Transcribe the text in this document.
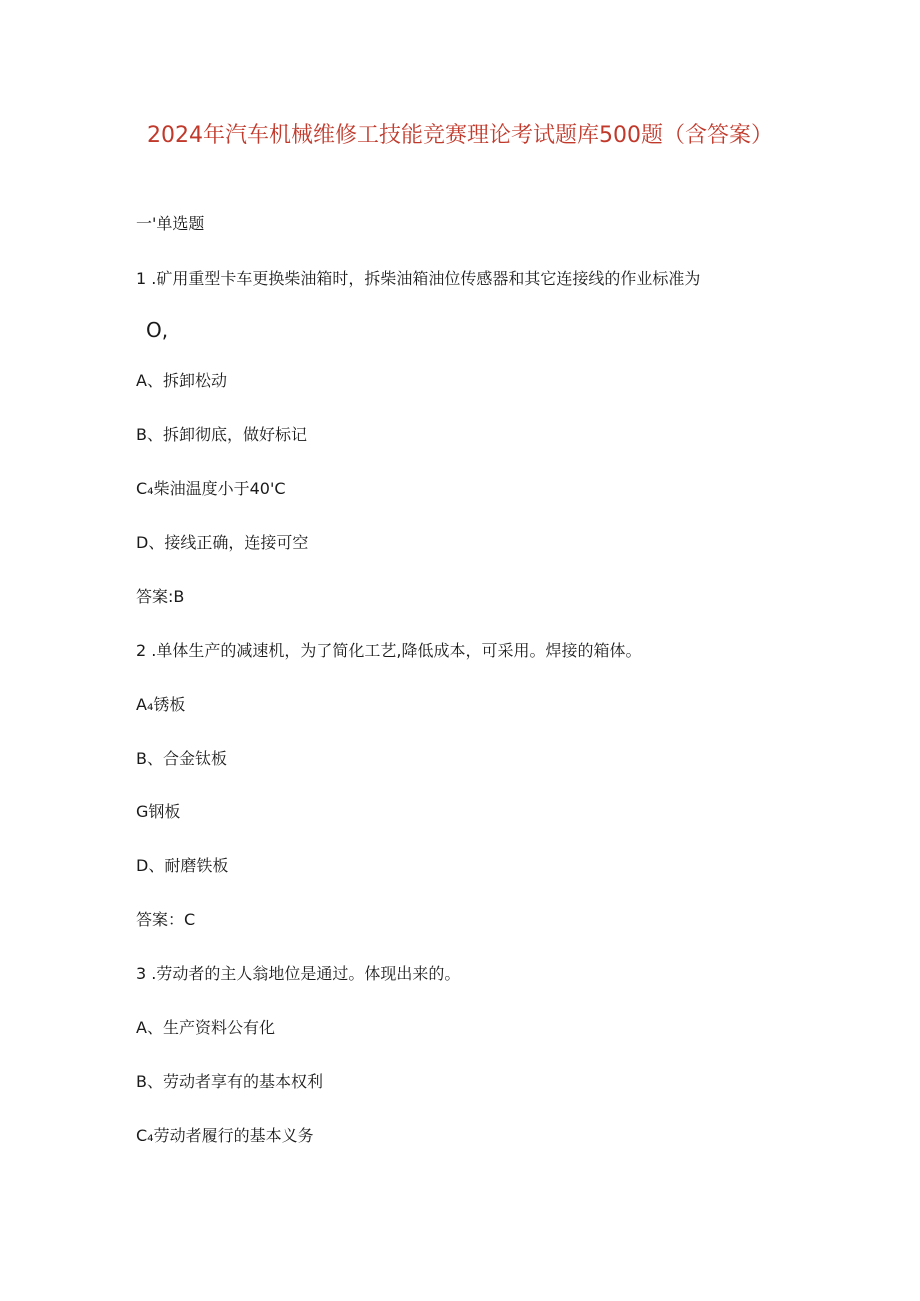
2024年汽车机械维修工技能竞赛理论考试题库500题（含答案）
一'单选题
1 .矿用重型卡车更换柴油箱时，拆柴油箱油位传感器和其它连接线的作业标准为
O,
A、拆卸松动
B、拆卸彻底，做好标记
C₄柴油温度小于40'C
D、接线正确，连接可空
答案:B
2 .单体生产的减速机，为了简化工艺,降低成本，可采用。焊接的箱体。
A₄锈板
B、合金钛板
G钢板
D、耐磨铁板
答案：C
3 .劳动者的主人翁地位是通过。体现出来的。
A、生产资料公有化
B、劳动者享有的基本权利
C₄劳动者履行的基本义务
